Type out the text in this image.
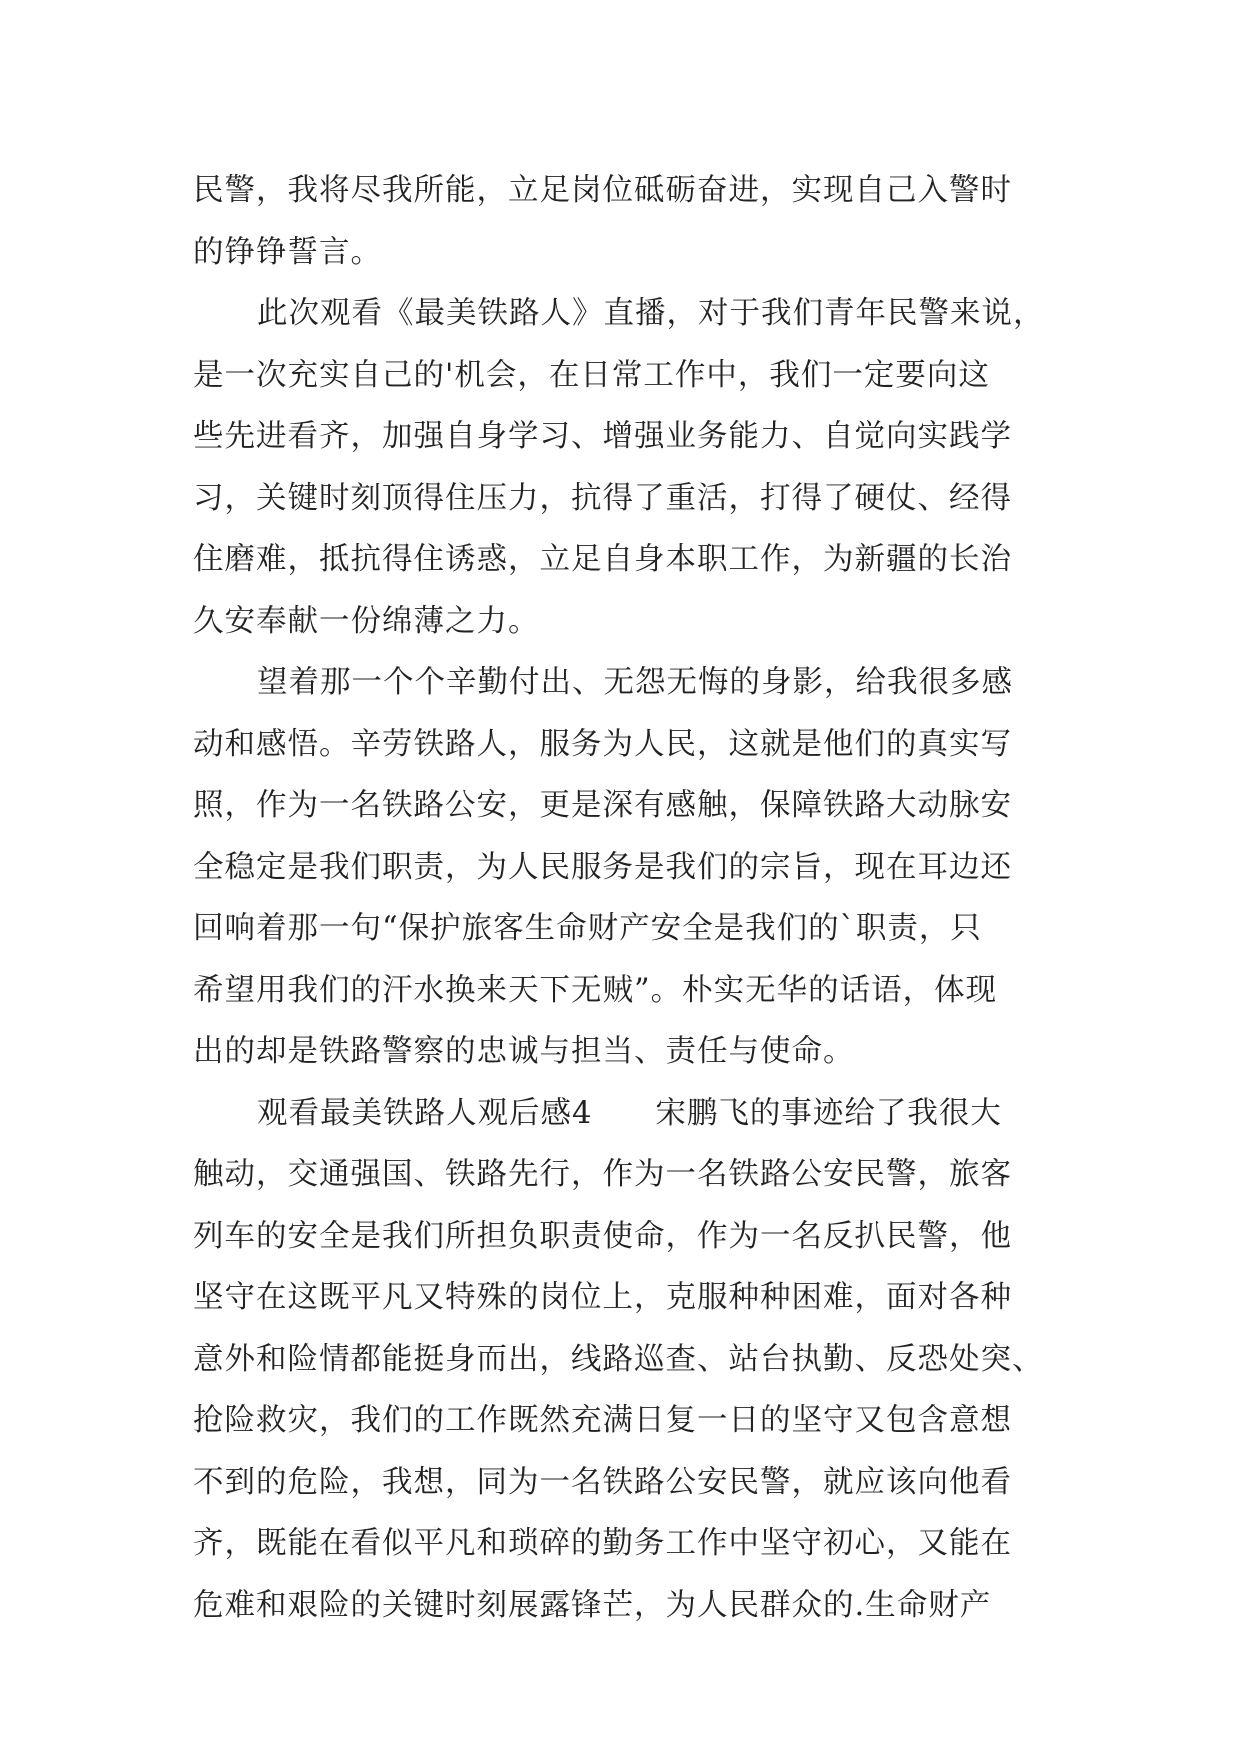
民警，我将尽我所能，立足岗位砥砺奋进，实现自己入警时
的铮铮誓言。
此次观看《最美铁路人》直播，对于我们青年民警来说，
是一次充实自己的'机会，在日常工作中，我们一定要向这
些先进看齐，加强自身学习、增强业务能力、自觉向实践学
习，关键时刻顶得住压力，抗得了重活，打得了硬仗、经得
住磨难，抵抗得住诱惑，立足自身本职工作，为新疆的长治
久安奉献一份绵薄之力。
望着那一个个辛勤付出、无怨无悔的身影，给我很多感
动和感悟。辛劳铁路人，服务为人民，这就是他们的真实写
照，作为一名铁路公安，更是深有感触，保障铁路大动脉安
全稳定是我们职责，为人民服务是我们的宗旨，现在耳边还
回响着那一句“保护旅客生命财产安全是我们的`职责，只
希望用我们的汗水换来天下无贼”。朴实无华的话语，体现
出的却是铁路警察的忠诚与担当、责任与使命。
观看最美铁路人观后感4　　宋鹏飞的事迹给了我很大
触动，交通强国、铁路先行，作为一名铁路公安民警，旅客
列车的安全是我们所担负职责使命，作为一名反扒民警，他
坚守在这既平凡又特殊的岗位上，克服种种困难，面对各种
意外和险情都能挺身而出，线路巡查、站台执勤、反恐处突、
抢险救灾，我们的工作既然充满日复一日的坚守又包含意想
不到的危险，我想，同为一名铁路公安民警，就应该向他看
齐，既能在看似平凡和琐碎的勤务工作中坚守初心，又能在
危难和艰险的关键时刻展露锋芒，为人民群众的.生命财产
